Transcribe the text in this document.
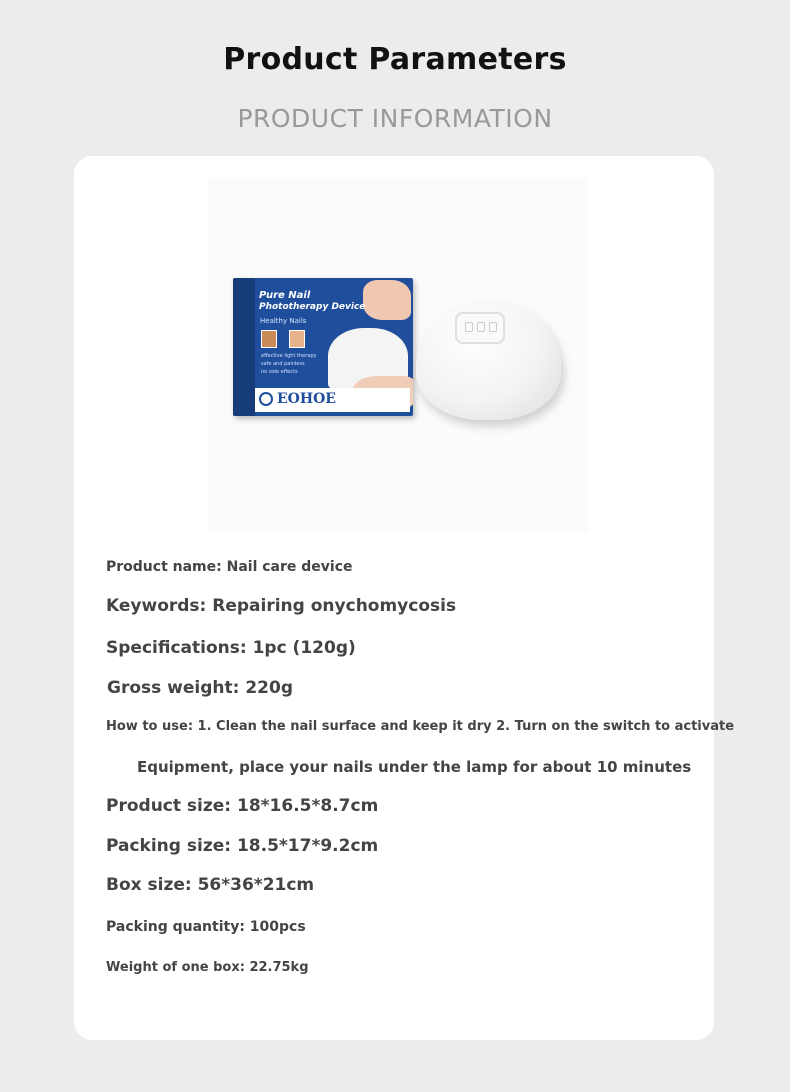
Product Parameters
PRODUCT INFORMATION
Pure Nail
Phototherapy Device
Healthy Nails
effective light therapy
safe and painless
no side effects
EOHOE
Product name: Nail care device
Keywords: Repairing onychomycosis
Specifications: 1pc (120g)
Gross weight: 220g
How to use: 1. Clean the nail surface and keep it dry 2. Turn on the switch to activate
Equipment, place your nails under the lamp for about 10 minutes
Product size: 18*16.5*8.7cm
Packing size: 18.5*17*9.2cm
Box size: 56*36*21cm
Packing quantity: 100pcs
Weight of one box: 22.75kg
